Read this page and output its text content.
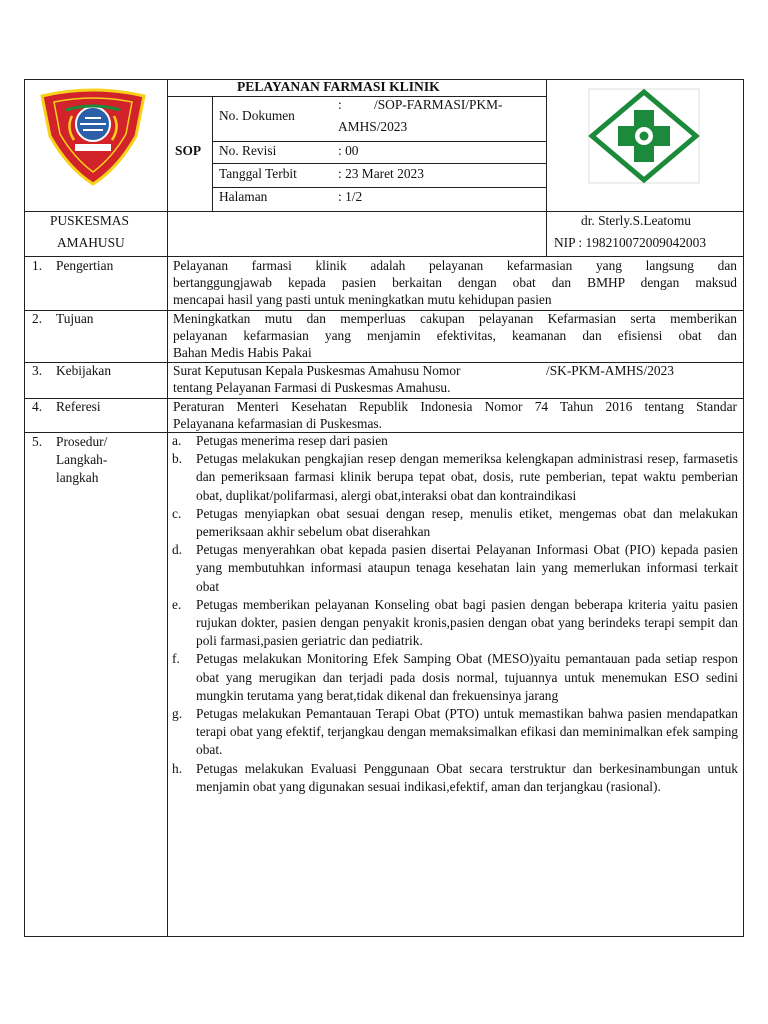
PELAYANAN FARMASI KLINIK
SOP
No. Dokumen
: /SOP-FARMASI/PKM-
AMHS/2023
No. Revisi	: 00
Tanggal Terbit	: 23 Maret 2023
Halaman	: 1/2
PUSKESMAS
AMAHUSU
dr. Sterly.S.Leatomu
NIP : 198210072009042003
1. Pengertian	Pelayanan farmasi klinik adalah pelayanan kefarmasian yang langsung dan
bertanggungjawab kepada pasien berkaitan dengan obat dan BMHP dengan maksud
mencapai hasil yang pasti untuk meningkatkan mutu kehidupan pasien
2. Tujuan	Meningkatkan mutu dan memperluas cakupan pelayanan Kefarmasian serta memberikan
pelayanan kefarmasian yang menjamin efektivitas, keamanan dan efisiensi obat dan
Bahan Medis Habis Pakai
3. Kebijakan	Surat Keputusan Kepala Puskesmas Amahusu Nomor	/SK-PKM-AMHS/2023
tentang Pelayanan Farmasi di Puskesmas Amahusu.
4. Referesi	Peraturan Menteri Kesehatan Republik Indonesia Nomor 74 Tahun 2016 tentang Standar
Pelayanana kefarmasian di Puskesmas.
5. Prosedur/
Langkah-
langkah
a. Petugas menerima resep dari pasien
b. Petugas melakukan pengkajian resep dengan memeriksa kelengkapan administrasi resep, farmasetis dan pemeriksaan farmasi klinik berupa tepat obat, dosis, rute pemberian, tepat waktu pemberian obat, duplikat/polifarmasi, alergi obat,interaksi obat dan kontraindikasi
c. Petugas menyiapkan obat sesuai dengan resep, menulis etiket, mengemas obat dan melakukan pemeriksaan akhir sebelum obat diserahkan
d. Petugas menyerahkan obat kepada pasien disertai Pelayanan Informasi Obat (PIO) kepada pasien yang membutuhkan informasi ataupun tenaga kesehatan lain yang memerlukan informasi terkait obat
e. Petugas memberikan pelayanan Konseling obat bagi pasien dengan beberapa kriteria yaitu pasien rujukan dokter, pasien dengan penyakit kronis,pasien dengan obat yang berindeks terapi sempit dan poli farmasi,pasien geriatric dan pediatrik.
f. Petugas melakukan Monitoring Efek Samping Obat (MESO)yaitu pemantauan pada setiap respon obat yang merugikan dan terjadi pada dosis normal, tujuannya untuk menemukan ESO sedini mungkin terutama yang berat,tidak dikenal dan frekuensinya jarang
g. Petugas melakukan Pemantauan Terapi Obat (PTO) untuk memastikan bahwa pasien mendapatkan terapi obat yang efektif, terjangkau dengan memaksimalkan efikasi dan meminimalkan efek samping obat.
h. Petugas melakukan Evaluasi Penggunaan Obat secara terstruktur dan berkesinambungan untuk menjamin obat yang digunakan sesuai indikasi,efektif, aman dan terjangkau (rasional).
